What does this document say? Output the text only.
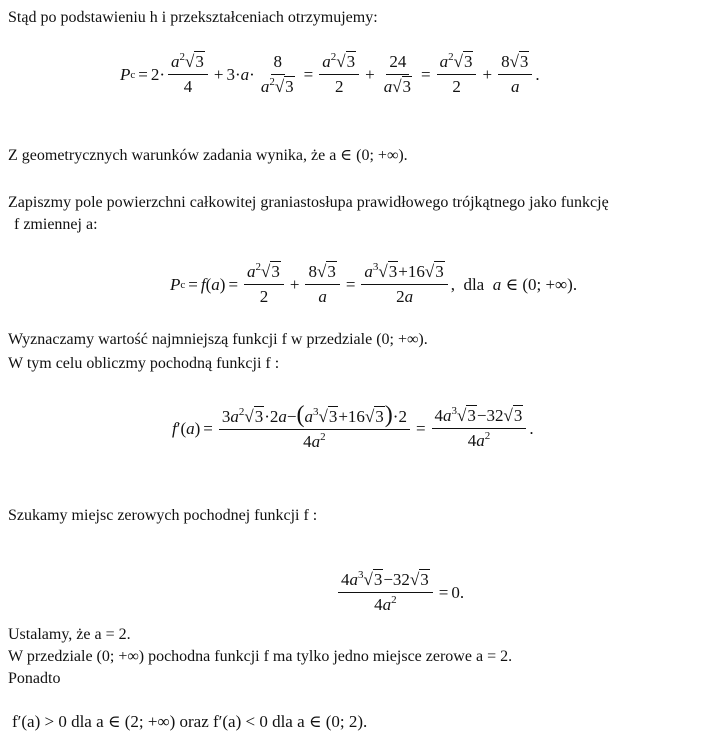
Stąd po podstawieniu h i przekształceniach otrzymujemy:
P $c = 2\cdot \frac{a^2√3}{4} + 3\cdot a \cdot \frac{8}{a^2√3} = \frac{a^2√3}{2} + \frac{24}{a√3} = \frac{a^2√3}{2} + \frac{8√3}{a}$ .
Z geometrycznych warunków zadania wynika, że a ∈ (0; +∞).
Zapiszmy pole powierzchni całkowitej graniastosłupa prawidłowego trójkątnego jako funkcję
f zmiennej a:
P c = f ( a ) = $\frac{a^2√3}{2} + \frac{8√3}{a} = \frac{a^3√3+16√3}{2a}$ ,  dla a ∈ (0; +∞).
Wyznaczamy wartość najmniejszą funkcji f w przedziale (0; +∞).
W tym celu obliczmy pochodną funkcji f :
f ′( a ) = $\frac{3a^2√3\cdot 2a-(a^3√3+16√3)\cdot 2}{4a^2} = \frac{4a^3√3-32√3}{4a^2}$ .
Szukamy miejsc zerowych pochodnej funkcji f :
$\frac{4a^3√3-32√3}{4a^2} = 0$.
Ustalamy, że a = 2.
W przedziale (0; +∞) pochodna funkcji f ma tylko jedno miejsce zerowe a = 2.
Ponadto
f′(a) > 0 dla a ∈ (2; +∞) oraz f′(a) < 0 dla a ∈ (0; 2).
